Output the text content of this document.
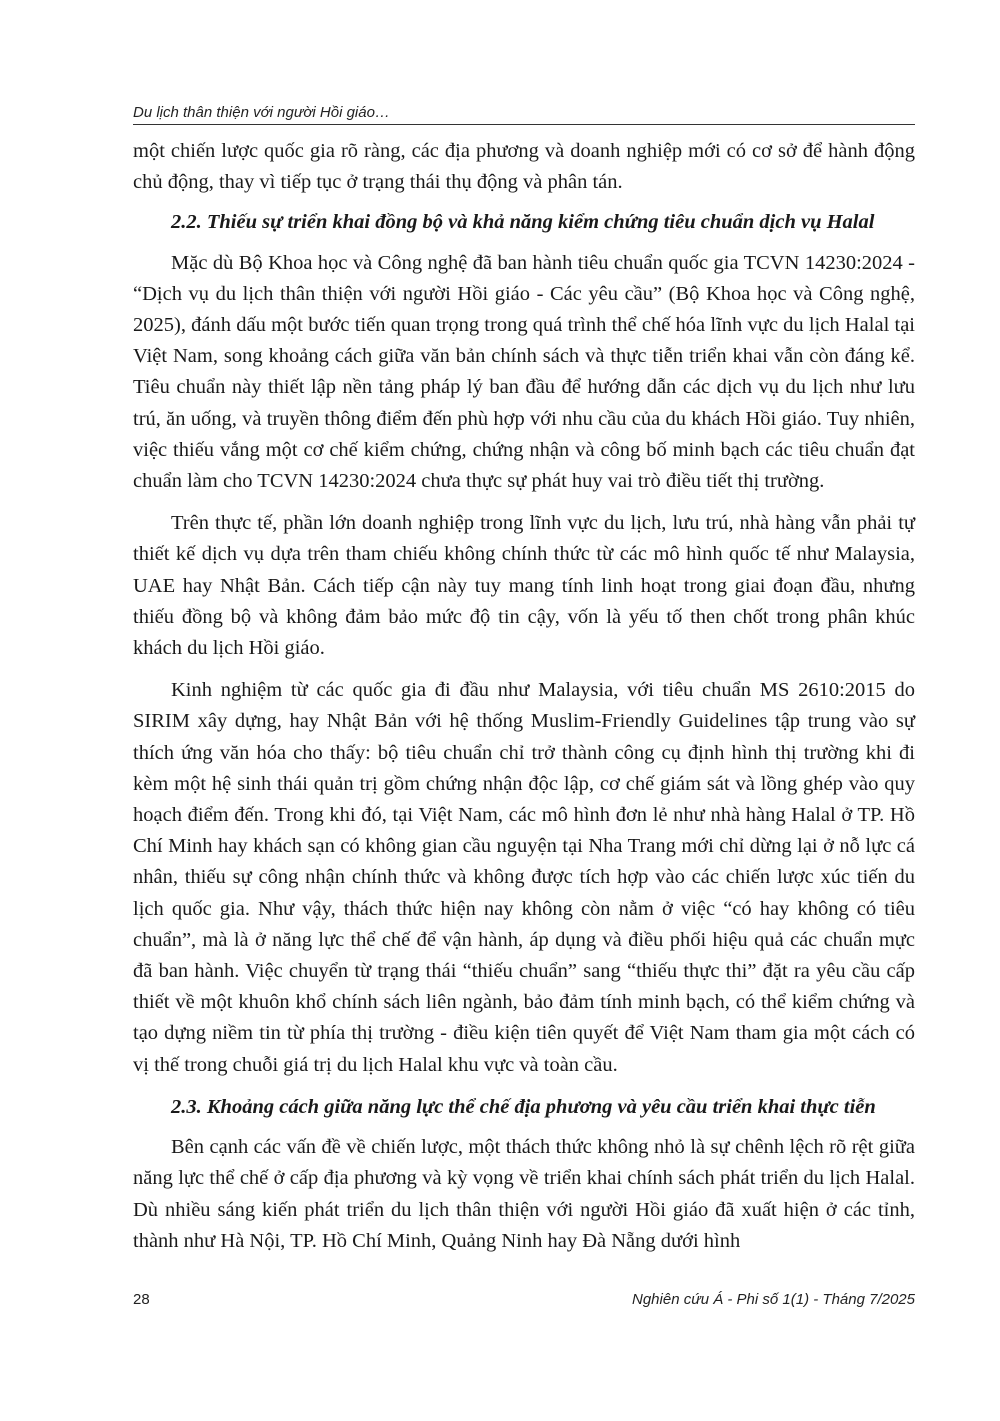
Du lịch thân thiện với người Hồi giáo…

một chiến lược quốc gia rõ ràng, các địa phương và doanh nghiệp mới có cơ sở để hành động chủ động, thay vì tiếp tục ở trạng thái thụ động và phân tán.

2.2. Thiếu sự triển khai đồng bộ và khả năng kiểm chứng tiêu chuẩn dịch vụ Halal

Mặc dù Bộ Khoa học và Công nghệ đã ban hành tiêu chuẩn quốc gia TCVN 14230:2024 - “Dịch vụ du lịch thân thiện với người Hồi giáo - Các yêu cầu” (Bộ Khoa học và Công nghệ, 2025), đánh dấu một bước tiến quan trọng trong quá trình thể chế hóa lĩnh vực du lịch Halal tại Việt Nam, song khoảng cách giữa văn bản chính sách và thực tiễn triển khai vẫn còn đáng kể. Tiêu chuẩn này thiết lập nền tảng pháp lý ban đầu để hướng dẫn các dịch vụ du lịch như lưu trú, ăn uống, và truyền thông điểm đến phù hợp với nhu cầu của du khách Hồi giáo. Tuy nhiên, việc thiếu vắng một cơ chế kiểm chứng, chứng nhận và công bố minh bạch các tiêu chuẩn đạt chuẩn làm cho TCVN 14230:2024 chưa thực sự phát huy vai trò điều tiết thị trường.

Trên thực tế, phần lớn doanh nghiệp trong lĩnh vực du lịch, lưu trú, nhà hàng vẫn phải tự thiết kế dịch vụ dựa trên tham chiếu không chính thức từ các mô hình quốc tế như Malaysia, UAE hay Nhật Bản. Cách tiếp cận này tuy mang tính linh hoạt trong giai đoạn đầu, nhưng thiếu đồng bộ và không đảm bảo mức độ tin cậy, vốn là yếu tố then chốt trong phân khúc khách du lịch Hồi giáo.

Kinh nghiệm từ các quốc gia đi đầu như Malaysia, với tiêu chuẩn MS 2610:2015 do SIRIM xây dựng, hay Nhật Bản với hệ thống Muslim-Friendly Guidelines tập trung vào sự thích ứng văn hóa cho thấy: bộ tiêu chuẩn chỉ trở thành công cụ định hình thị trường khi đi kèm một hệ sinh thái quản trị gồm chứng nhận độc lập, cơ chế giám sát và lồng ghép vào quy hoạch điểm đến. Trong khi đó, tại Việt Nam, các mô hình đơn lẻ như nhà hàng Halal ở TP. Hồ Chí Minh hay khách sạn có không gian cầu nguyện tại Nha Trang mới chỉ dừng lại ở nỗ lực cá nhân, thiếu sự công nhận chính thức và không được tích hợp vào các chiến lược xúc tiến du lịch quốc gia. Như vậy, thách thức hiện nay không còn nằm ở việc “có hay không có tiêu chuẩn”, mà là ở năng lực thể chế để vận hành, áp dụng và điều phối hiệu quả các chuẩn mực đã ban hành. Việc chuyển từ trạng thái “thiếu chuẩn” sang “thiếu thực thi” đặt ra yêu cầu cấp thiết về một khuôn khổ chính sách liên ngành, bảo đảm tính minh bạch, có thể kiểm chứng và tạo dựng niềm tin từ phía thị trường - điều kiện tiên quyết để Việt Nam tham gia một cách có vị thế trong chuỗi giá trị du lịch Halal khu vực và toàn cầu.

2.3. Khoảng cách giữa năng lực thể chế địa phương và yêu cầu triển khai thực tiễn

Bên cạnh các vấn đề về chiến lược, một thách thức không nhỏ là sự chênh lệch rõ rệt giữa năng lực thể chế ở cấp địa phương và kỳ vọng về triển khai chính sách phát triển du lịch Halal. Dù nhiều sáng kiến phát triển du lịch thân thiện với người Hồi giáo đã xuất hiện ở các tỉnh, thành như Hà Nội, TP. Hồ Chí Minh, Quảng Ninh hay Đà Nẵng dưới hình

28	Nghiên cứu Á - Phi số 1(1) - Tháng 7/2025
